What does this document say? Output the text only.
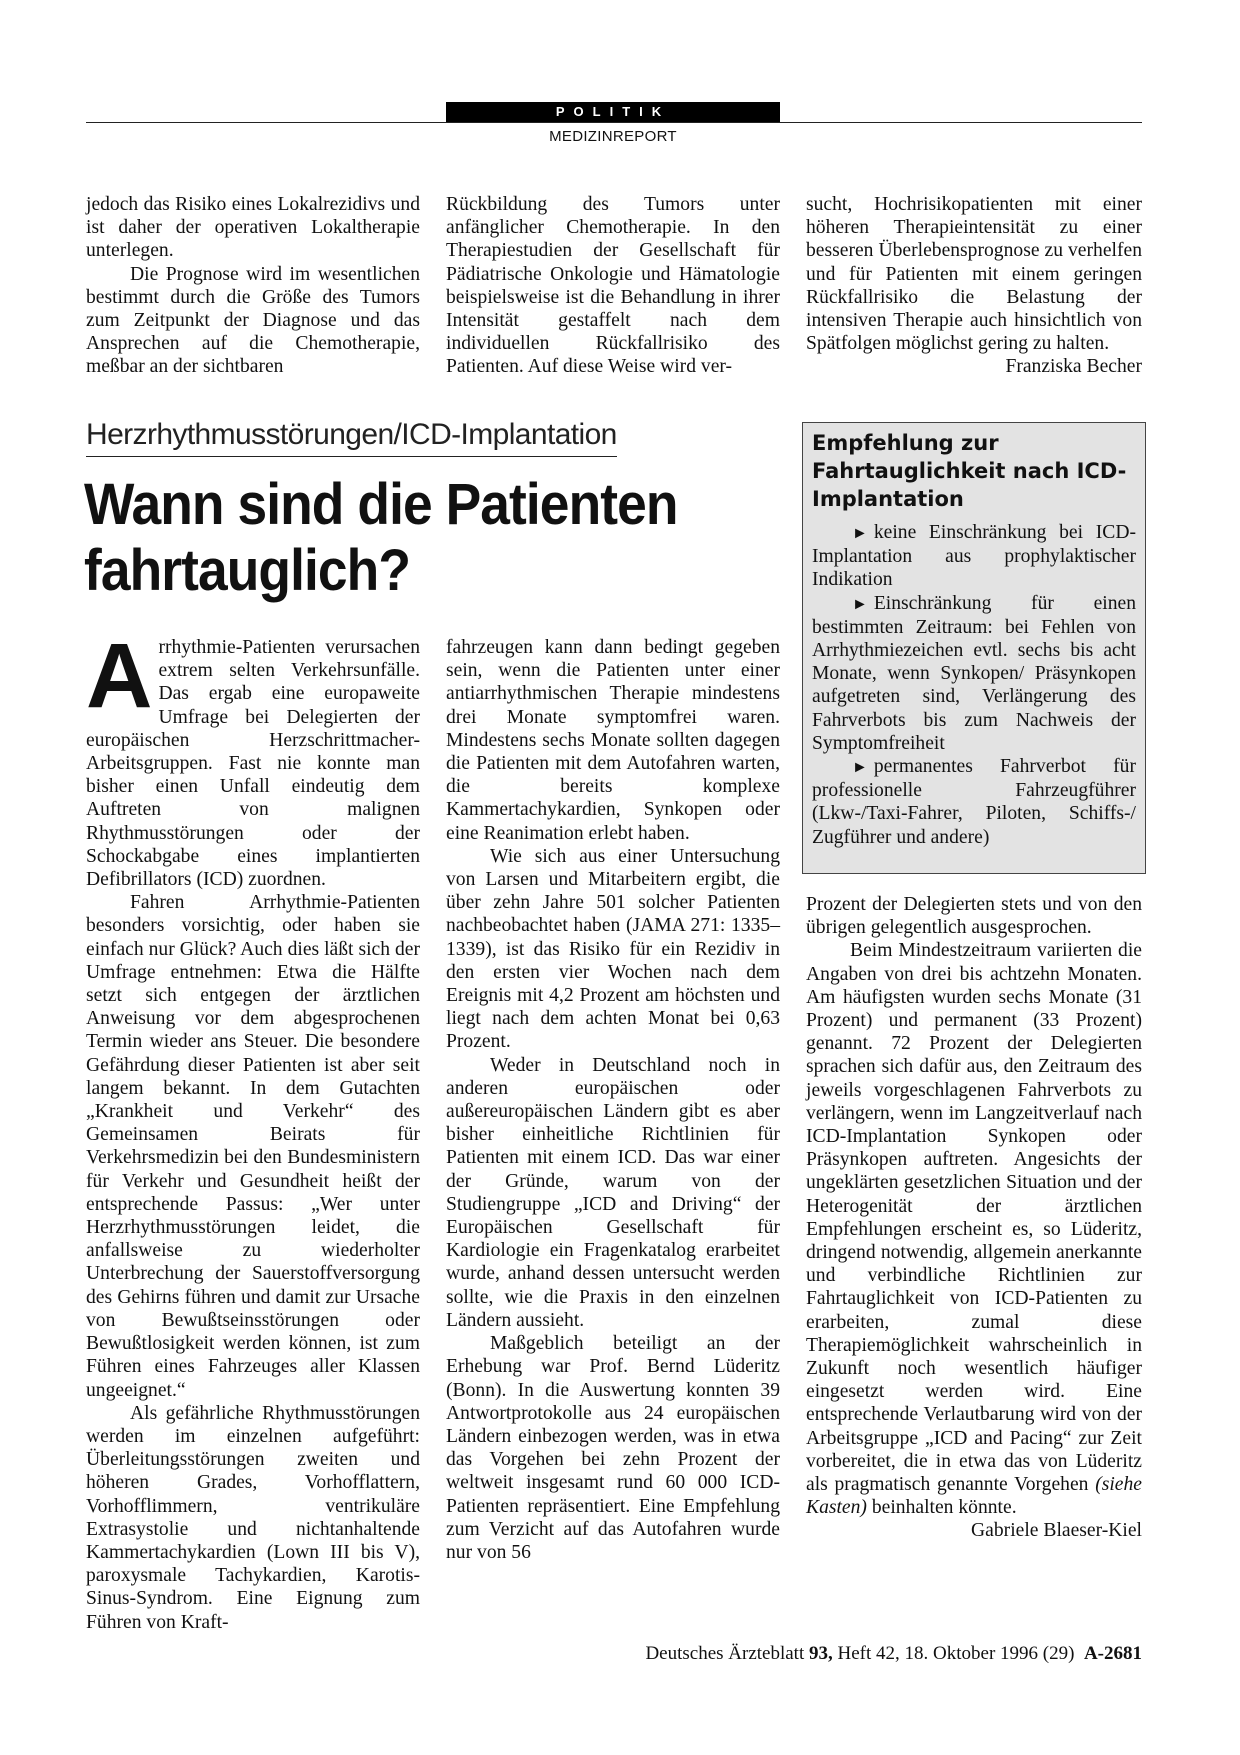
POLITIK
MEDIZINREPORT

jedoch das Risiko eines Lokalrezidivs und ist daher der operativen Lokaltherapie unterlegen.

Die Prognose wird im wesentlichen bestimmt durch die Größe des Tumors zum Zeitpunkt der Diagnose und das Ansprechen auf die Chemotherapie, meßbar an der sichtbaren

Rückbildung des Tumors unter anfänglicher Chemotherapie. In den Therapiestudien der Gesellschaft für Pädiatrische Onkologie und Hämatologie beispielsweise ist die Behandlung in ihrer Intensität gestaffelt nach dem individuellen Rückfallrisiko des Patienten. Auf diese Weise wird ver-

sucht, Hochrisikopatienten mit einer höheren Therapieintensität zu einer besseren Überlebensprognose zu verhelfen und für Patienten mit einem geringen Rückfallrisiko die Belastung der intensiven Therapie auch hinsichtlich von Spätfolgen möglichst gering zu halten.
Franziska Becher

Herzrhythmusstörungen/ICD-Implantation
Wann sind die Patienten fahrtauglich?

Arrhythmie-Patienten verursachen extrem selten Verkehrsunfälle. Das ergab eine europaweite Umfrage bei Delegierten der europäischen Herzschrittmacher-Arbeitsgruppen. Fast nie konnte man bisher einen Unfall eindeutig dem Auftreten von malignen Rhythmusstörungen oder der Schockabgabe eines implantierten Defibrillators (ICD) zuordnen.

Fahren Arrhythmie-Patienten besonders vorsichtig, oder haben sie einfach nur Glück? Auch dies läßt sich der Umfrage entnehmen: Etwa die Hälfte setzt sich entgegen der ärztlichen Anweisung vor dem abgesprochenen Termin wieder ans Steuer. Die besondere Gefährdung dieser Patienten ist aber seit langem bekannt. In dem Gutachten „Krankheit und Verkehr“ des Gemeinsamen Beirats für Verkehrsmedizin bei den Bundesministern für Verkehr und Gesundheit heißt der entsprechende Passus: „Wer unter Herzrhythmusstörungen leidet, die anfallsweise zu wiederholter Unterbrechung der Sauerstoffversorgung des Gehirns führen und damit zur Ursache von Bewußtseinsstörungen oder Bewußtlosigkeit werden können, ist zum Führen eines Fahrzeuges aller Klassen ungeeignet.“

Als gefährliche Rhythmusstörungen werden im einzelnen aufgeführt: Überleitungsstörungen zweiten und höheren Grades, Vorhofflattern, Vorhofflimmern, ventrikuläre Extrasystolie und nichtanhaltende Kammertachykardien (Lown III bis V), paroxysmale Tachykardien, Karotis-Sinus-Syndrom. Eine Eignung zum Führen von Kraft-

fahrzeugen kann dann bedingt gegeben sein, wenn die Patienten unter einer antiarrhythmischen Therapie mindestens drei Monate symptomfrei waren. Mindestens sechs Monate sollten dagegen die Patienten mit dem Autofahren warten, die bereits komplexe Kammertachykardien, Synkopen oder eine Reanimation erlebt haben.

Wie sich aus einer Untersuchung von Larsen und Mitarbeitern ergibt, die über zehn Jahre 501 solcher Patienten nachbeobachtet haben (JAMA 271: 1335–1339), ist das Risiko für ein Rezidiv in den ersten vier Wochen nach dem Ereignis mit 4,2 Prozent am höchsten und liegt nach dem achten Monat bei 0,63 Prozent.

Weder in Deutschland noch in anderen europäischen oder außereuropäischen Ländern gibt es aber bisher einheitliche Richtlinien für Patienten mit einem ICD. Das war einer der Gründe, warum von der Studiengruppe „ICD and Driving“ der Europäischen Gesellschaft für Kardiologie ein Fragenkatalog erarbeitet wurde, anhand dessen untersucht werden sollte, wie die Praxis in den einzelnen Ländern aussieht.

Maßgeblich beteiligt an der Erhebung war Prof. Bernd Lüderitz (Bonn). In die Auswertung konnten 39 Antwortprotokolle aus 24 europäischen Ländern einbezogen werden, was in etwa das Vorgehen bei zehn Prozent der weltweit insgesamt rund 60 000 ICD-Patienten repräsentiert. Eine Empfehlung zum Verzicht auf das Autofahren wurde nur von 56

Prozent der Delegierten stets und von den übrigen gelegentlich ausgesprochen.

Beim Mindestzeitraum variierten die Angaben von drei bis achtzehn Monaten. Am häufigsten wurden sechs Monate (31 Prozent) und permanent (33 Prozent) genannt. 72 Prozent der Delegierten sprachen sich dafür aus, den Zeitraum des jeweils vorgeschlagenen Fahrverbots zu verlängern, wenn im Langzeitverlauf nach ICD-Implantation Synkopen oder Präsynkopen auftreten. Angesichts der ungeklärten gesetzlichen Situation und der Heterogenität der ärztlichen Empfehlungen erscheint es, so Lüderitz, dringend notwendig, allgemein anerkannte und verbindliche Richtlinien zur Fahrtauglichkeit von ICD-Patienten zu erarbeiten, zumal diese Therapiemöglichkeit wahrscheinlich in Zukunft noch wesentlich häufiger eingesetzt werden wird. Eine entsprechende Verlautbarung wird von der Arbeitsgruppe „ICD and Pacing“ zur Zeit vorbereitet, die in etwa das von Lüderitz als pragmatisch genannte Vorgehen (siehe Kasten) beinhalten könnte.
Gabriele Blaeser-Kiel

Empfehlung zur Fahrtauglichkeit nach ICD-Implantation

► keine Einschränkung bei ICD-Implantation aus prophylaktischer Indikation

► Einschränkung für einen bestimmten Zeitraum: bei Fehlen von Arrhythmiezeichen evtl. sechs bis acht Monate, wenn Synkopen/ Präsynkopen aufgetreten sind, Verlängerung des Fahrverbots bis zum Nachweis der Symptomfreiheit

► permanentes Fahrverbot für professionelle Fahrzeugführer (Lkw-/Taxi-Fahrer, Piloten, Schiffs-/ Zugführer und andere)

Deutsches Ärzteblatt 93, Heft 42, 18. Oktober 1996 (29) A-2681
